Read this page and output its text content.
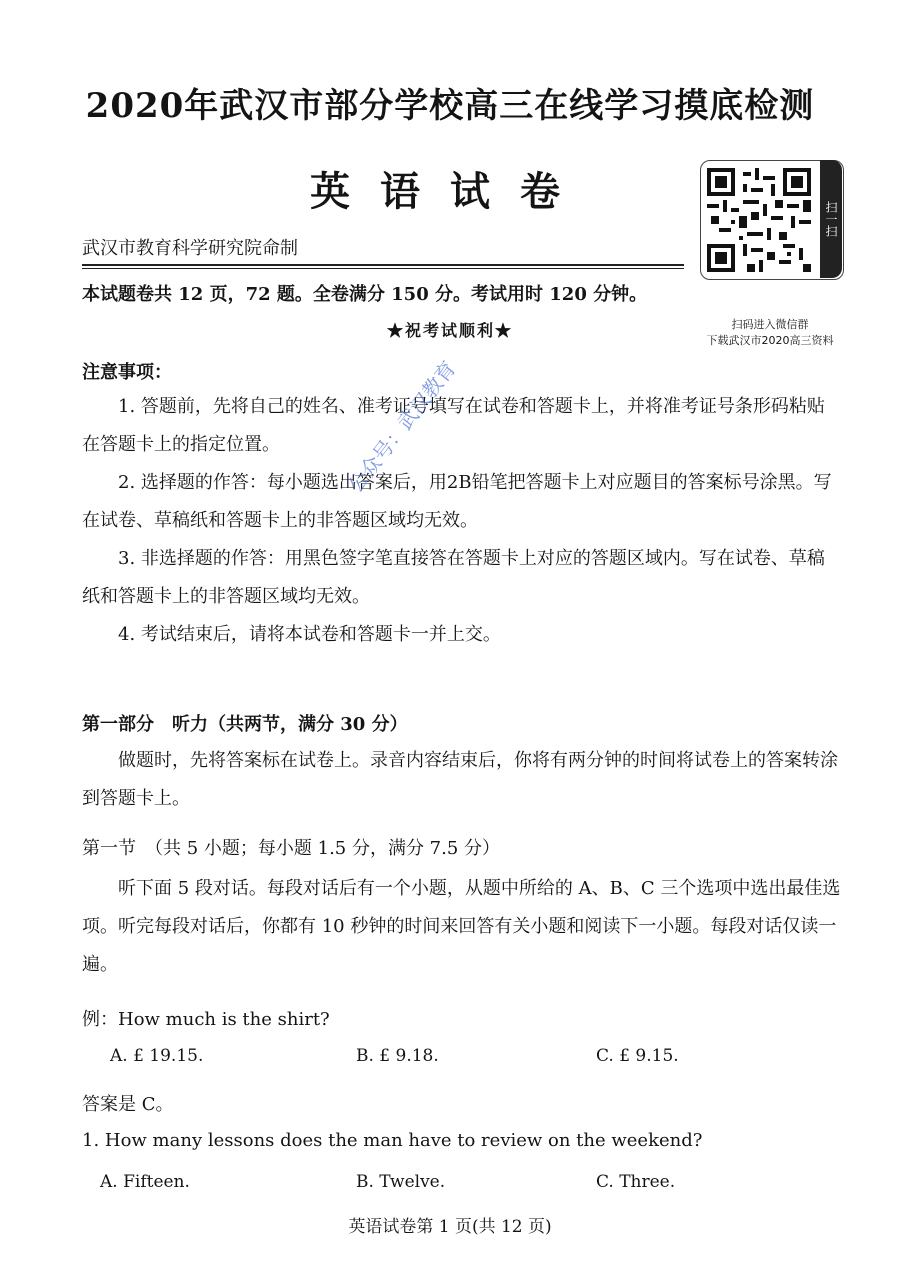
2020年武汉市部分学校高三在线学习摸底检测
英语试卷
武汉市教育科学研究院命制
本试题卷共 12 页，72 题。全卷满分 150 分。考试用时 120 分钟。
★祝考试顺利★
扫一扫
扫码进入微信群
下载武汉市2020高三资料
注意事项：
1. 答题前，先将自己的姓名、准考证号填写在试卷和答题卡上，并将准考证号条形码粘贴在答题卡上的指定位置。
2. 选择题的作答：每小题选出答案后，用2B铅笔把答题卡上对应题目的答案标号涂黑。写在试卷、草稿纸和答题卡上的非答题区域均无效。
3. 非选择题的作答：用黑色签字笔直接答在答题卡上对应的答题区域内。写在试卷、草稿纸和答题卡上的非答题区域均无效。
4. 考试结束后，请将本试卷和答题卡一并上交。
公众号：武汉教育
第一部分　听力（共两节，满分 30 分）
做题时，先将答案标在试卷上。录音内容结束后，你将有两分钟的时间将试卷上的答案转涂到答题卡上。
第一节　（共 5 小题；每小题 1.5 分，满分 7.5 分）
听下面 5 段对话。每段对话后有一个小题，从题中所给的 A、B、C 三个选项中选出最佳选项。听完每段对话后，你都有 10 秒钟的时间来回答有关小题和阅读下一小题。每段对话仅读一遍。
例：How much is the shirt?
A. £ 19.15.	B. £ 9.18.	C. £ 9.15.
答案是 C。
1. How many lessons does the man have to review on the weekend?
A. Fifteen.	B. Twelve.	C. Three.
英语试卷第 1 页(共 12 页)
